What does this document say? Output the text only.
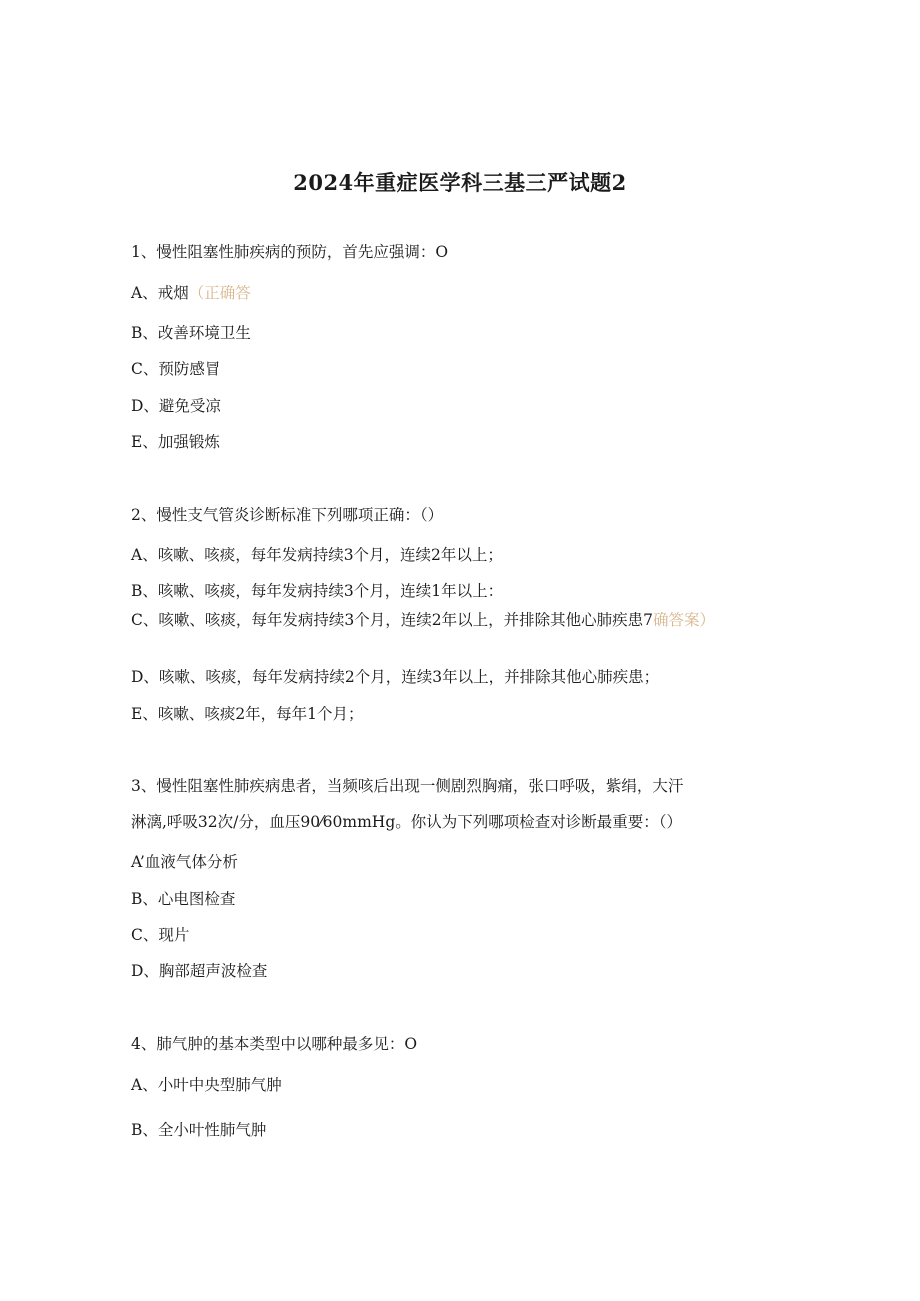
2024年重症医学科三基三严试题2
1、慢性阻塞性肺疾病的预防，首先应强调：O
A、戒烟（正确答
B、改善环境卫生
C、预防感冒
D、避免受凉
E、加强锻炼
2、慢性支气管炎诊断标准下列哪项正确：（）
A、咳嗽、咳痰，每年发病持续3个月，连续2年以上；
B、咳嗽、咳痰，每年发病持续3个月，连续1年以上：
C、咳嗽、咳痰，每年发病持续3个月，连续2年以上，并排除其他心肺疾患7确答案）
D、咳嗽、咳痰，每年发病持续2个月，连续3年以上，并排除其他心肺疾患；
E、咳嗽、咳痰2年，每年1个月；
3、慢性阻塞性肺疾病患者，当频咳后出现一侧剧烈胸痛，张口呼吸，紫绢，大汗
淋漓,呼吸32次/分，血压90⁄60mmHg。你认为下列哪项检查对诊断最重要：（）
A’血液气体分析
B、心电图检查
C、现片
D、胸部超声波检查
4、肺气肿的基本类型中以哪种最多见：O
A、小叶中央型肺气肿
B、全小叶性肺气肿
